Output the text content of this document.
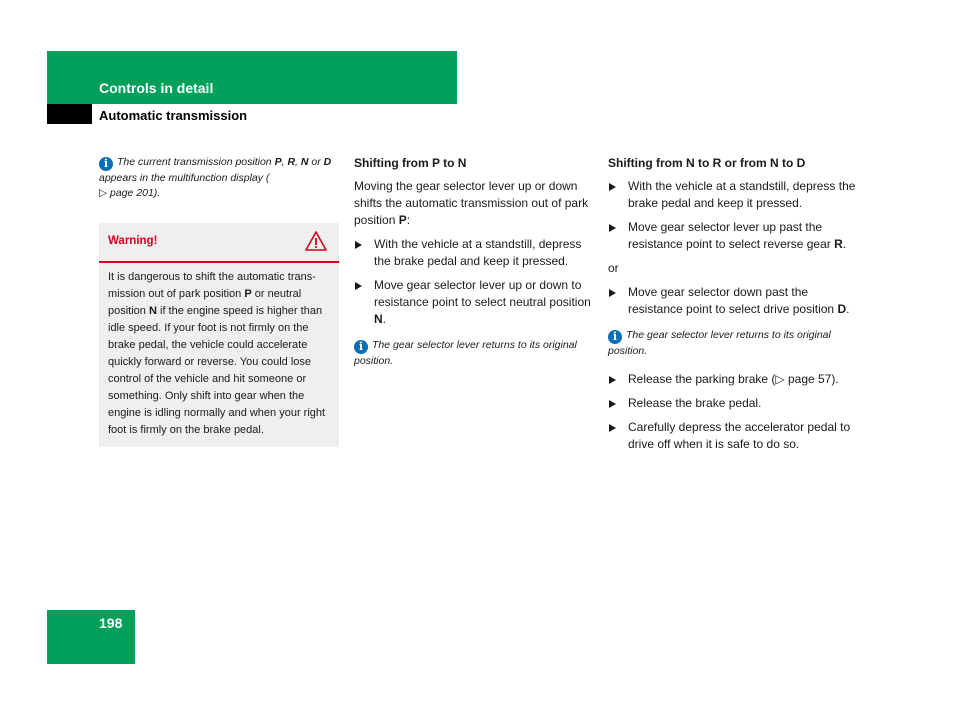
Controls in detail
Automatic transmission
i The current transmission position P, R, N or D appears in the multifunction display (
▷ page 201).
Warning!
It is dangerous to shift the automatic trans-mission out of park position P or neutral position N if the engine speed is higher than idle speed. If your foot is not firmly on the brake pedal, the vehicle could accelerate quickly forward or reverse. You could lose control of the vehicle and hit someone or something. Only shift into gear when the engine is idling normally and when your right foot is firmly on the brake pedal.

Shifting from P to N

Moving the gear selector lever up or down shifts the automatic transmission out of park position P:

With the vehicle at a standstill, depress the brake pedal and keep it pressed.
Move gear selector lever up or down to resistance point to select neutral position N.
i The gear selector lever returns to its original position.

Shifting from N to R or from N to D

With the vehicle at a standstill, depress the brake pedal and keep it pressed.
Move gear selector lever up past the resistance point to select reverse gear R.

or

Move gear selector down past the resistance point to select drive position D.
i The gear selector lever returns to its original position.
Release the parking brake (▷ page 57).
Release the brake pedal.
Carefully depress the accelerator pedal to drive off when it is safe to do so.

198
